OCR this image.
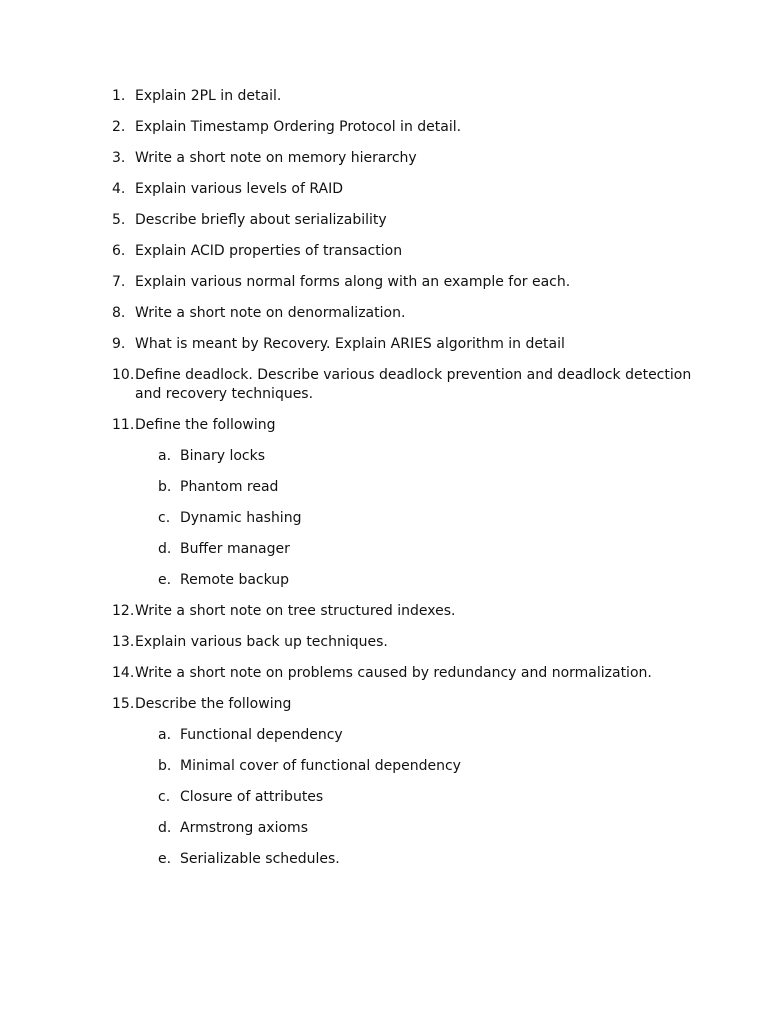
1. Explain 2PL in detail.
2. Explain Timestamp Ordering Protocol in detail.
3. Write a short note on memory hierarchy
4. Explain various levels of RAID
5. Describe briefly about serializability
6. Explain ACID properties of transaction
7. Explain various normal forms along with an example for each.
8. Write a short note on denormalization.
9. What is meant by Recovery. Explain ARIES algorithm in detail
10. Define deadlock. Describe various deadlock prevention and deadlock detection and recovery techniques.
11. Define the following
a. Binary locks
b. Phantom read
c. Dynamic hashing
d. Buffer manager
e. Remote backup
12. Write a short note on tree structured indexes.
13. Explain various back up techniques.
14. Write a short note on problems caused by redundancy and normalization.
15. Describe the following
a. Functional dependency
b. Minimal cover of functional dependency
c. Closure of attributes
d. Armstrong axioms
e. Serializable schedules.
